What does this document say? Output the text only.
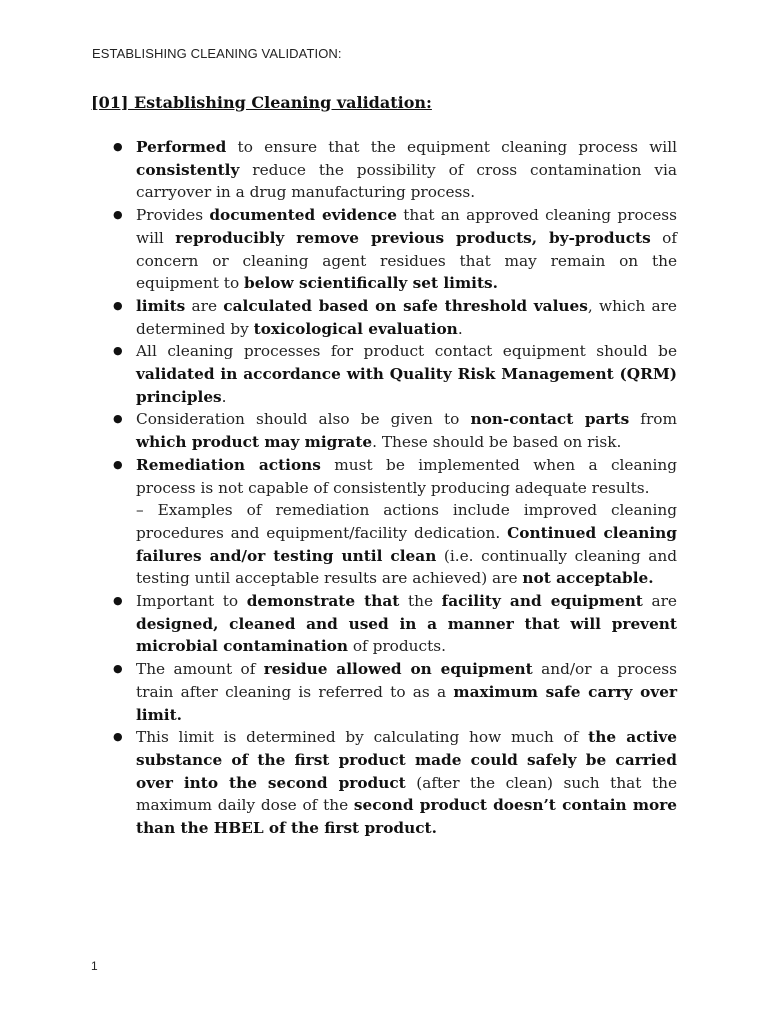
ESTABLISHING CLEANING VALIDATION:
[01] Establishing Cleaning validation:
● Performed to ensure that the equipment cleaning process will consistently reduce the possibility of cross contamination via carryover in a drug manufacturing process.
● Provides documented evidence that an approved cleaning process will reproducibly remove previous products, by-products of concern or cleaning agent residues that may remain on the equipment to below scientifically set limits.
● limits are calculated based on safe threshold values, which are determined by toxicological evaluation.
● All cleaning processes for product contact equipment should be validated in accordance with Quality Risk Management (QRM) principles.
● Consideration should also be given to non-contact parts from which product may migrate. These should be based on risk.
● Remediation actions must be implemented when a cleaning process is not capable of consistently producing adequate results.
– Examples of remediation actions include improved cleaning procedures and equipment/facility dedication. Continued cleaning failures and/or testing until clean (i.e. continually cleaning and testing until acceptable results are achieved) are not acceptable.
● Important to demonstrate that the facility and equipment are designed, cleaned and used in a manner that will prevent microbial contamination of products.
● The amount of residue allowed on equipment and/or a process train after cleaning is referred to as a maximum safe carry over limit.
● This limit is determined by calculating how much of the active substance of the first product made could safely be carried over into the second product (after the clean) such that the maximum daily dose of the second product doesn’t contain more than the HBEL of the first product.
1
